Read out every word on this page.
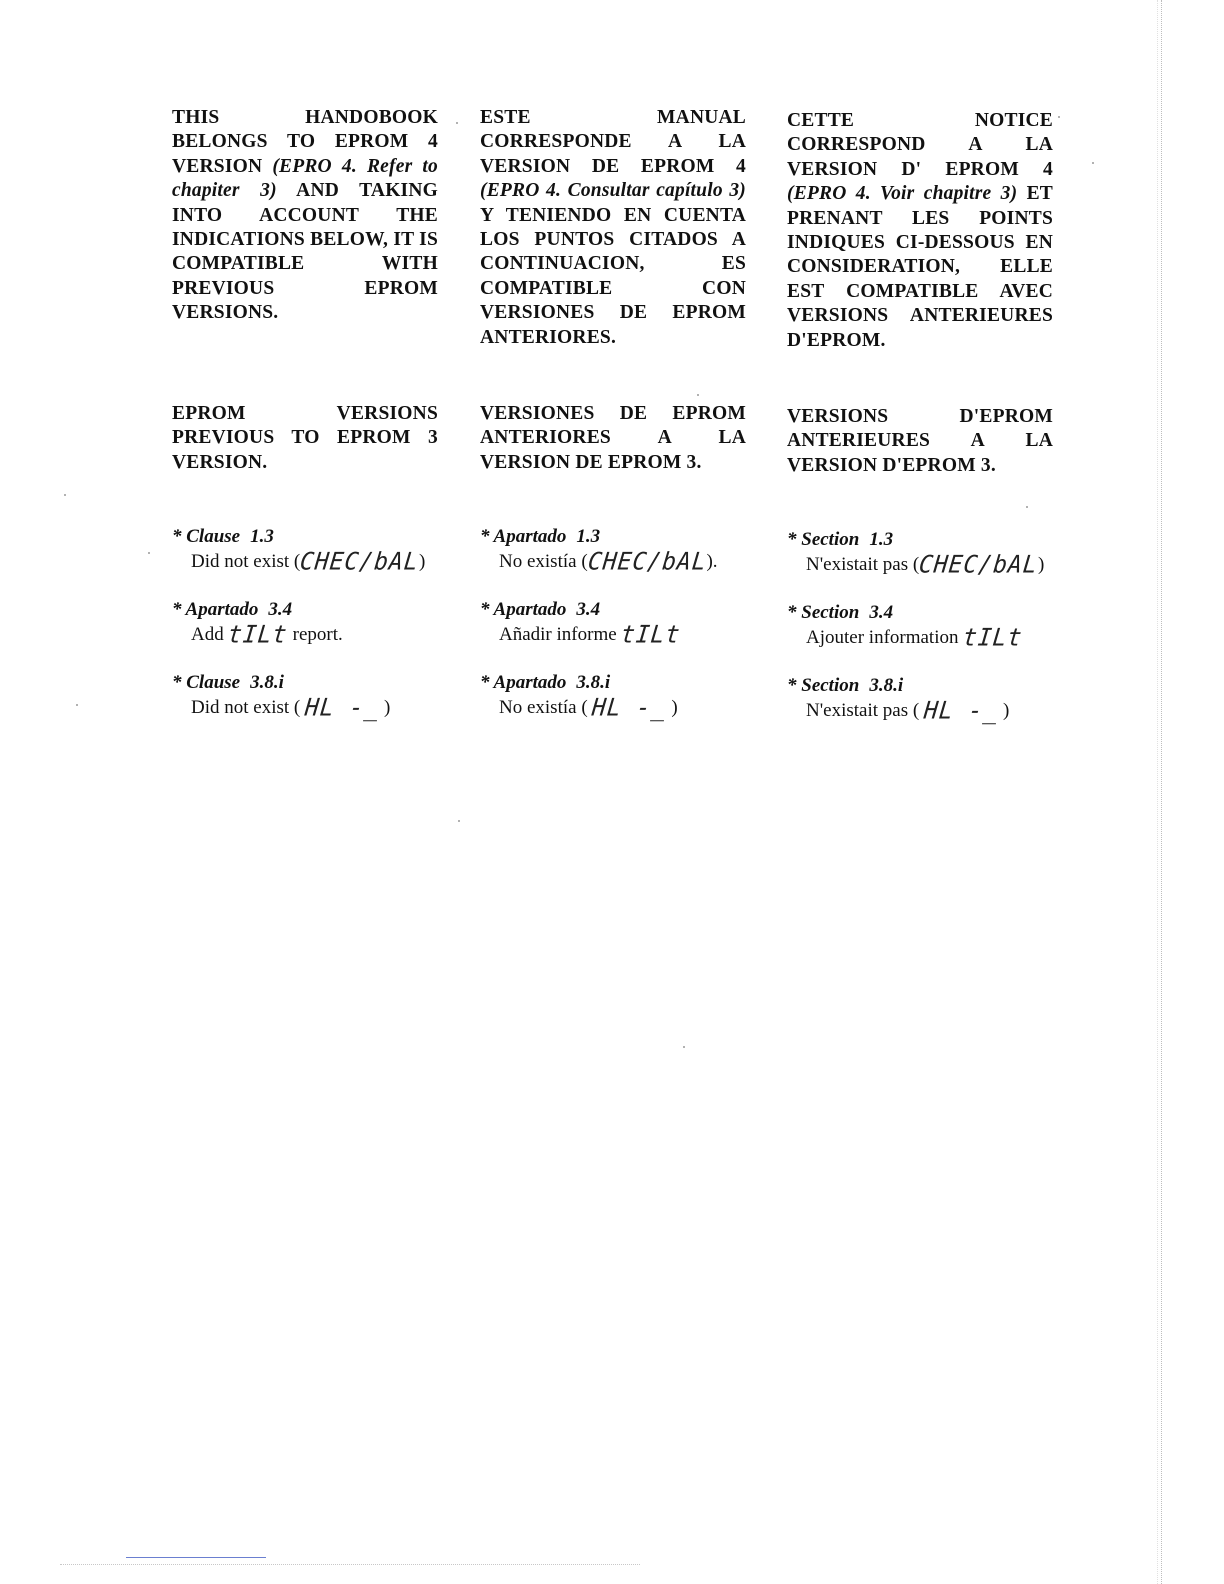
THIS HANDOBOOK BELONGS TO EPROM 4 VERSION (EPRO 4. Refer to chapiter 3) AND TAKING INTO ACCOUNT THE INDICATIONS BELOW, IT IS COMPATIBLE WITH PREVIOUS EPROM VERSIONS.
EPROM VERSIONS PREVIOUS TO EPROM 3 VERSION.
* Clause 1.3
Did not exist (CHEC/bAL)
* Apartado 3.4
Add tILt report.
* Clause 3.8.i
Did not exist ( HL -_ )
ESTE MANUAL CORRESPONDE A LA VERSION DE EPROM 4 (EPRO 4. Consultar capítulo 3) Y TENIENDO EN CUENTA LOS PUNTOS CITADOS A CONTINUACION, ES COMPATIBLE CON VERSIONES DE EPROM ANTERIORES.
VERSIONES DE EPROM ANTERIORES A LA VERSION DE EPROM 3.
* Apartado 1.3
No existía (CHEC/bAL).
* Apartado 3.4
Añadir informe tILt
* Apartado 3.8.i
No existía ( HL -_ )
CETTE NOTICE CORRESPOND A LA VERSION D' EPROM 4 (EPRO 4. Voir chapitre 3) ET PRENANT LES POINTS INDIQUES CI-DESSOUS EN CONSIDERATION, ELLE EST COMPATIBLE AVEC VERSIONS ANTERIEURES D'EPROM.
VERSIONS D'EPROM ANTERIEURES A LA VERSION D'EPROM 3.
* Section 1.3
N'existait pas (CHEC/bAL)
* Section 3.4
Ajouter information tILt
* Section 3.8.i
N'existait pas ( HL -_ )
